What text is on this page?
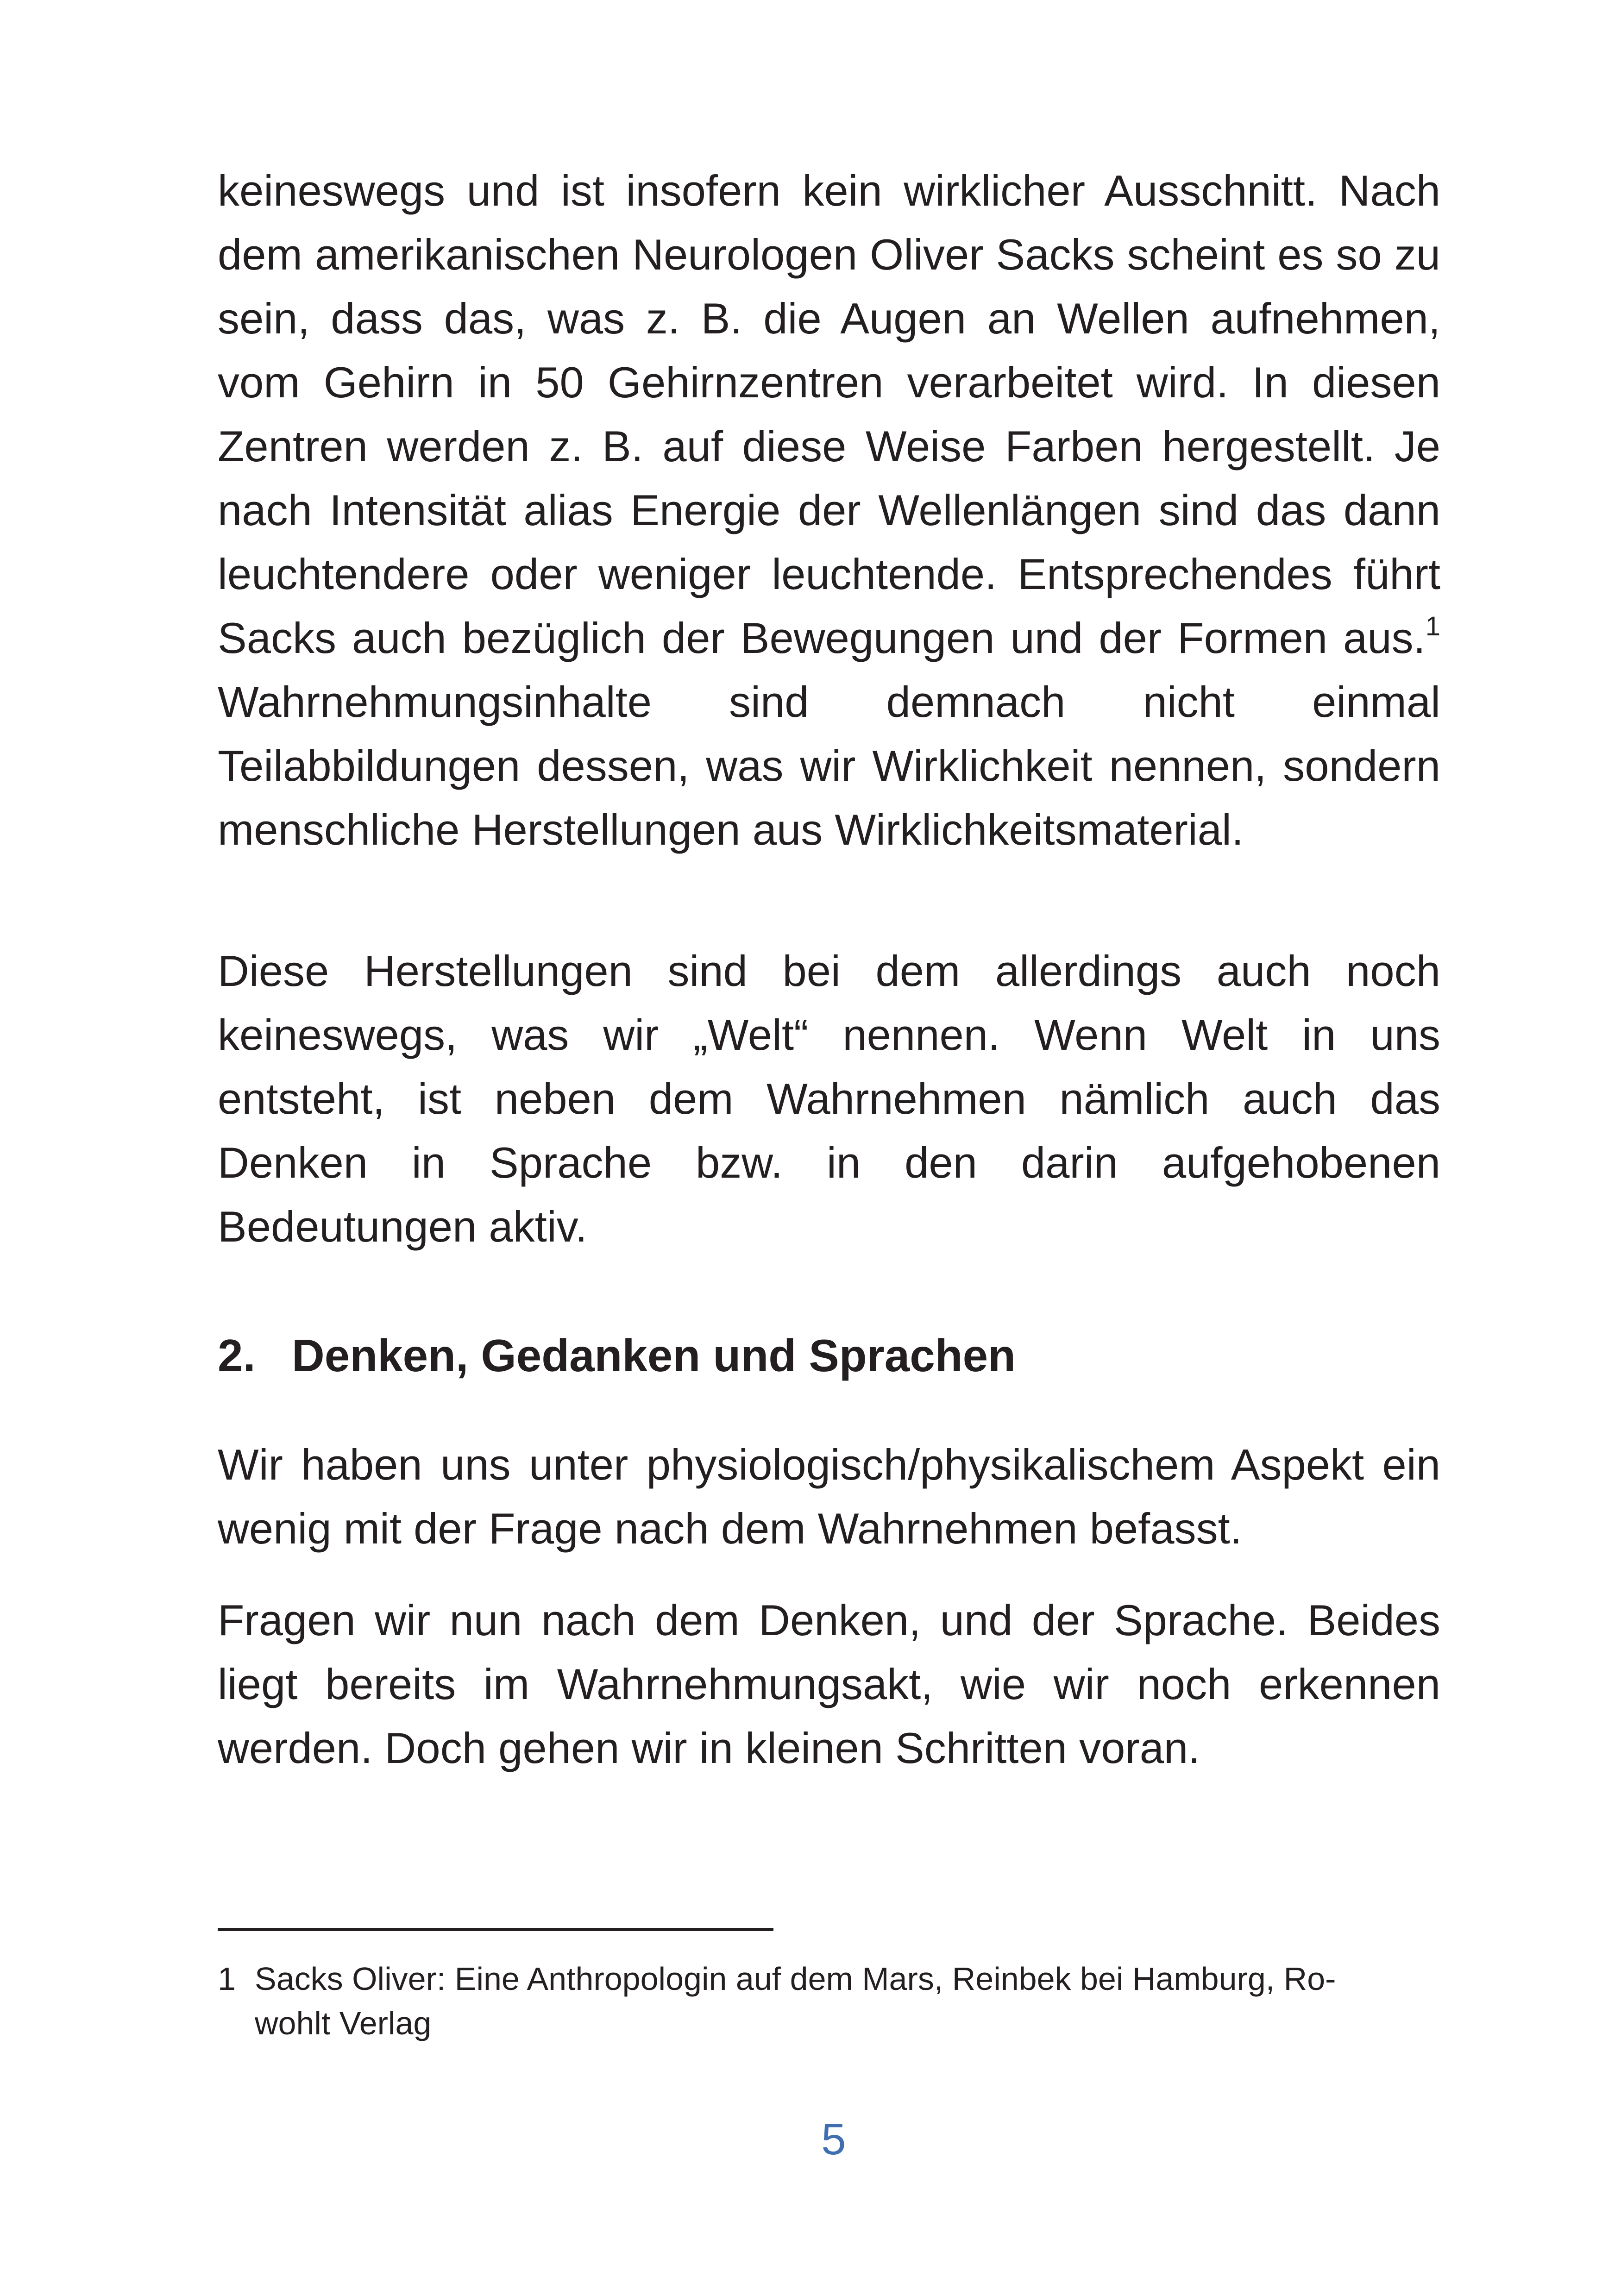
keineswegs und ist insofern kein wirklicher Ausschnitt. Nach dem amerikanischen Neurologen Oliver Sacks scheint es so zu sein, dass das, was z. B. die Augen an Wellen aufnehmen, vom Gehirn in 50 Gehirnzentren verarbeitet wird. In diesen Zentren werden z. B. auf diese Weise Farben hergestellt. Je nach Intensität alias Energie der Wellenlängen sind das dann leuchtendere oder weniger leuchtende. Entsprechendes führt Sacks auch bezüglich der Bewegungen und der Formen aus.$^1$ Wahrnehmungsinhalte sind demnach nicht einmal Teilabbildungen dessen, was wir Wirklichkeit nennen, sondern menschliche Herstellungen aus Wirklichkeitsmaterial.

Diese Herstellungen sind bei dem allerdings auch noch keineswegs, was wir „Welt“ nennen. Wenn Welt in uns entsteht, ist neben dem Wahrnehmen nämlich auch das Denken in Sprache bzw. in den darin aufgehobenen Bedeutungen aktiv.

2. Denken, Gedanken und Sprachen

Wir haben uns unter physiologisch/physikalischem Aspekt ein wenig mit der Frage nach dem Wahrnehmen befasst.

Fragen wir nun nach dem Denken, und der Sprache. Beides liegt bereits im Wahrnehmungsakt, wie wir noch erkennen werden. Doch gehen wir in kleinen Schritten voran.

1 Sacks Oliver: Eine Anthropologin auf dem Mars, Reinbek bei Hamburg, Ro-
wohlt Verlag

5
